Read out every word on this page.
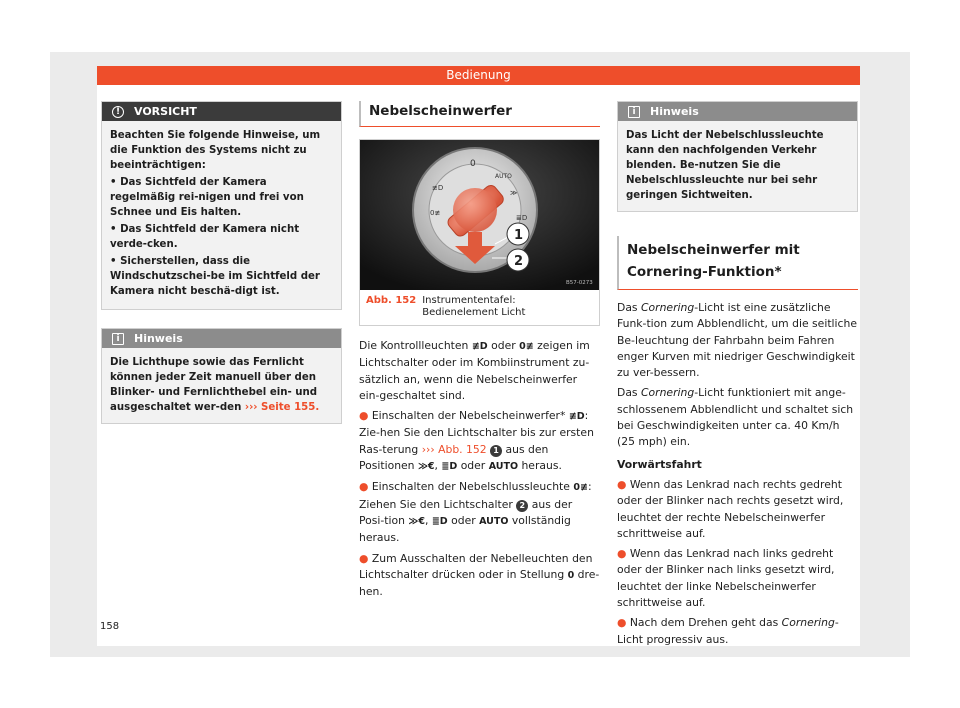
Bedienung
!	VORSICHT

Beachten Sie folgende Hinweise, um die Funktion des Systems nicht zu beeinträchtigen:

• Das Sichtfeld der Kamera regelmäßig rei-nigen und frei von Schnee und Eis halten.

• Das Sichtfeld der Kamera nicht verde-cken.

• Sicherstellen, dass die Windschutzschei-be im Sichtfeld der Kamera nicht beschä-digt ist.

i	Hinweis
Die Lichthupe sowie das Fernlicht können jeder Zeit manuell über den Blinker- und Fernlichthebel ein- und ausgeschaltet wer-den ››› Seite 155.
Nebelscheinwerfer
0
AUTO
≫
≣D
≢D
0≢
1
2
B57-0273
Abb. 152 Instrumententafel: Bedienelement Licht

Die Kontrollleuchten ≢D oder 0≢ zeigen im Lichtschalter oder im Kombiinstrument zu-sätzlich an, wenn die Nebelscheinwerfer ein-geschaltet sind.

● Einschalten der Nebelscheinwerfer* ≢D: Zie-hen Sie den Lichtschalter bis zur ersten Ras-terung ››› Abb. 152 1 aus den Positionen ≫€, ≣D oder AUTO heraus.

● Einschalten der Nebelschlussleuchte 0≢: Ziehen Sie den Lichtschalter 2 aus der Posi-tion ≫€, ≣D oder AUTO vollständig heraus.

● Zum Ausschalten der Nebelleuchten den Lichtschalter drücken oder in Stellung 0 dre-hen.

i	Hinweis
Das Licht der Nebelschlussleuchte kann den nachfolgenden Verkehr blenden. Be-nutzen Sie die Nebelschlussleuchte nur bei sehr geringen Sichtweiten.
Nebelscheinwerfer mit Cornering-Funktion*

Das Cornering-Licht ist eine zusätzliche Funk-tion zum Abblendlicht, um die seitliche Be-leuchtung der Fahrbahn beim Fahren enger Kurven mit niedriger Geschwindigkeit zu ver-bessern.

Das Cornering-Licht funktioniert mit ange-schlossenem Abblendlicht und schaltet sich bei Geschwindigkeiten unter ca. 40 Km/h (25 mph) ein.

Vorwärtsfahrt

● Wenn das Lenkrad nach rechts gedreht oder der Blinker nach rechts gesetzt wird, leuchtet der rechte Nebelscheinwerfer schrittweise auf.

● Wenn das Lenkrad nach links gedreht oder der Blinker nach links gesetzt wird, leuchtet der linke Nebelscheinwerfer schrittweise auf.

● Nach dem Drehen geht das Cornering-Licht progressiv aus.

158
